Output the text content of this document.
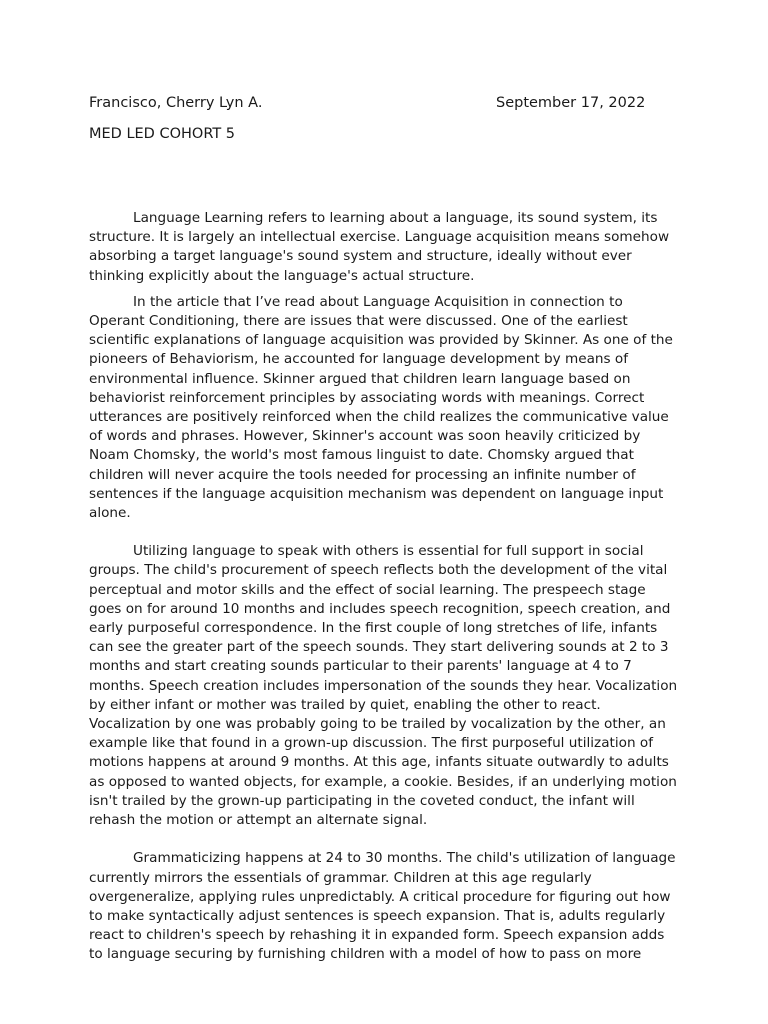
Francisco, Cherry Lyn A.	September 17, 2022
MED LED COHORT 5

Language Learning refers to learning about a language, its sound system, its structure. It is largely an intellectual exercise. Language acquisition means somehow absorbing a target language's sound system and structure, ideally without ever thinking explicitly about the language's actual structure.

In the article that I’ve read about Language Acquisition in connection to Operant Conditioning, there are issues that were discussed. One of the earliest scientific explanations of language acquisition was provided by Skinner. As one of the pioneers of Behaviorism, he accounted for language development by means of environmental influence. Skinner argued that children learn language based on behaviorist reinforcement principles by associating words with meanings. Correct utterances are positively reinforced when the child realizes the communicative value of words and phrases. However, Skinner's account was soon heavily criticized by Noam Chomsky, the world's most famous linguist to date. Chomsky argued that children will never acquire the tools needed for processing an infinite number of sentences if the language acquisition mechanism was dependent on language input alone.

Utilizing language to speak with others is essential for full support in social groups. The child's procurement of speech reflects both the development of the vital perceptual and motor skills and the effect of social learning. The prespeech stage goes on for around 10 months and includes speech recognition, speech creation, and early purposeful correspondence. In the first couple of long stretches of life, infants can see the greater part of the speech sounds. They start delivering sounds at 2 to 3 months and start creating sounds particular to their parents' language at 4 to 7 months. Speech creation includes impersonation of the sounds they hear. Vocalization by either infant or mother was trailed by quiet, enabling the other to react. Vocalization by one was probably going to be trailed by vocalization by the other, an example like that found in a grown-up discussion. The first purposeful utilization of motions happens at around 9 months. At this age, infants situate outwardly to adults as opposed to wanted objects, for example, a cookie. Besides, if an underlying motion isn't trailed by the grown-up participating in the coveted conduct, the infant will rehash the motion or attempt an alternate signal.

Grammaticizing happens at 24 to 30 months. The child's utilization of language currently mirrors the essentials of grammar. Children at this age regularly overgeneralize, applying rules unpredictably. A critical procedure for figuring out how to make syntactically adjust sentences is speech expansion. That is, adults regularly react to children's speech by rehashing it in expanded form. Speech expansion adds to language securing by furnishing children with a model of how to pass on more
